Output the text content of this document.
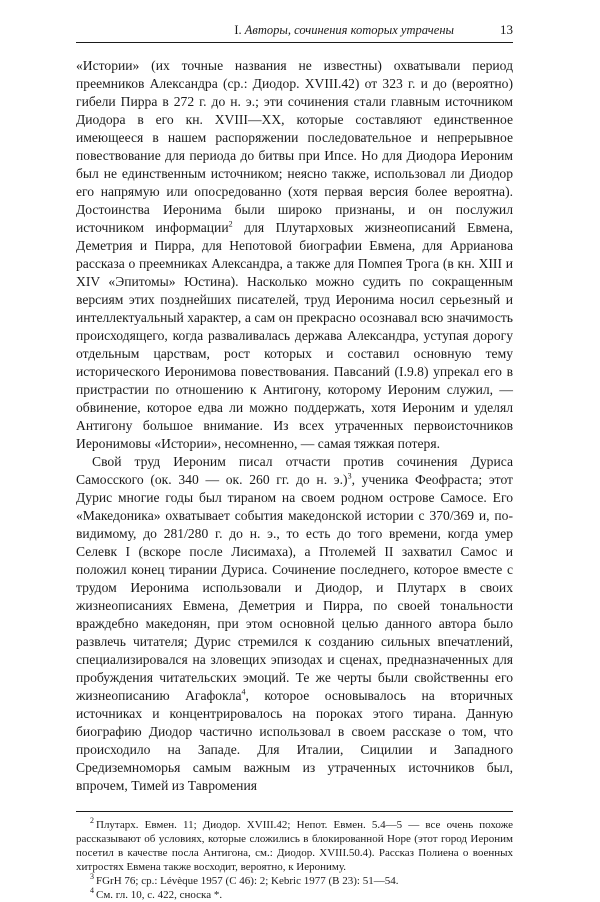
I. Авторы, сочинения которых утрачены	13

«Истории» (их точные названия не известны) охватывали период преемников Александра (ср.: Диодор. XVIII.42) от 323 г. и до (вероятно) гибели Пирра в 272 г. до н. э.; эти сочинения стали главным источником Диодора в его кн. XVIII—XX, которые составляют единственное имеющееся в нашем распоряжении последовательное и непрерывное повествование для периода до битвы при Ипсе. Но для Диодора Иероним был не единственным источником; неясно также, использовал ли Диодор его напрямую или опосредованно (хотя первая версия более вероятна). Достоинства Иеронима были широко признаны, и он послужил источником информации$^2$ для Плутарховых жизнеописаний Евмена, Деметрия и Пирра, для Непотовой биографии Евмена, для Арриановa рассказа о преемниках Александра, а также для Помпея Трога (в кн. XIII и XIV «Эпитомы» Юстина). Насколько можно судить по сокращенным версиям этих позднейших писателей, труд Иеронима носил серьезный и интеллектуальный характер, а сам он прекрасно осознавал всю значимость происходящего, когда разваливалась держава Александра, уступая дорогу отдельным царствам, рост которых и составил основную тему исторического Иеронимова повествования. Павсаний (I.9.8) упрекал его в пристрастии по отношению к Антигону, которому Иероним служил, — обвинение, которое едва ли можно поддержать, хотя Иероним и уделял Антигону большое внимание. Из всех утраченных первоисточников Иеронимовы «Истории», несомненно, — самая тяжкая потеря.

Свой труд Иероним писал отчасти против сочинения Дуриса Самосского (ок. 340 — ок. 260 гг. до н. э.)$^3$, ученика Феофраста; этот Дурис многие годы был тираном на своем родном острове Самосе. Его «Македоника» охватывает события македонской истории с 370/369 и, по-видимому, до 281/280 г. до н. э., то есть до того времени, когда умер Селевк I (вскоре после Лисимаха), а Птолемей II захватил Самос и положил конец тирании Дуриса. Сочинение последнего, которое вместе с трудом Иеронима использовали и Диодор, и Плутарх в своих жизнеописаниях Евмена, Деметрия и Пирра, по своей тональности враждебно македонян, при этом основной целью данного автора было развлечь читателя; Дурис стремился к созданию сильных впечатлений, специализировался на зловещих эпизодах и сценах, предназначенных для пробуждения читательских эмоций. Те же черты были свойственны его жизнеописанию Агафокла$^4$, которое основывалось на вторичных источниках и концентрировалось на пороках этого тирана. Данную биографию Диодор частично использовал в своем рассказе о том, что происходило на Западе. Для Италии, Сицилии и Западного Средиземноморья самым важным из утраченных источников был, впрочем, Тимей из Тавромения

$^2$ Плутарх. Евмен. 11; Диодор. XVIII.42; Непот. Евмен. 5.4—5 — все очень похоже рассказывают об условиях, которые сложились в блокированной Норе (этот город Иероним посетил в качестве посла Антигона, см.: Диодор. XVIII.50.4). Рассказ Полиена о военных хитростях Евмена также восходит, вероятно, к Иерониму.

$^3$ FGrH 76; ср.: Lévèque 1957 (C 46): 2; Kebric 1977 (B 23): 51—54.

$^4$ См. гл. 10, с. 422, сноска *.
